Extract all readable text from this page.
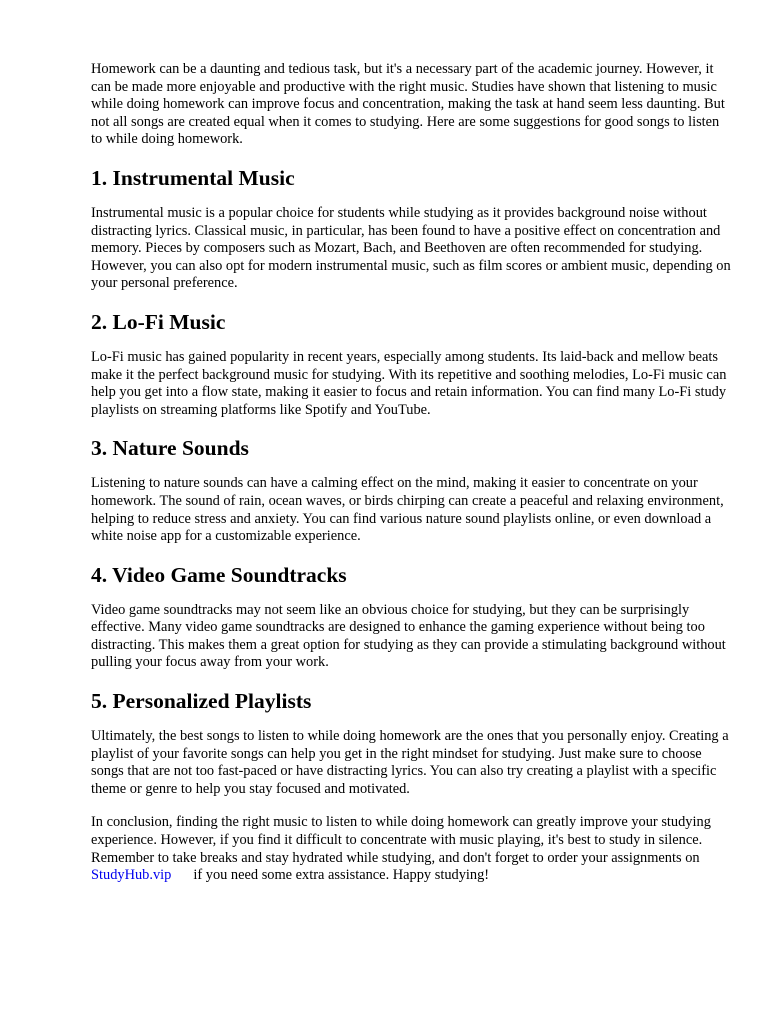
Homework can be a daunting and tedious task, but it's a necessary part of the academic journey. However, it can be made more enjoyable and productive with the right music. Studies have shown that listening to music while doing homework can improve focus and concentration, making the task at hand seem less daunting. But not all songs are created equal when it comes to studying. Here are some suggestions for good songs to listen to while doing homework.

1. Instrumental Music

Instrumental music is a popular choice for students while studying as it provides background noise without distracting lyrics. Classical music, in particular, has been found to have a positive effect on concentration and memory. Pieces by composers such as Mozart, Bach, and Beethoven are often recommended for studying. However, you can also opt for modern instrumental music, such as film scores or ambient music, depending on your personal preference.

2. Lo-Fi Music

Lo-Fi music has gained popularity in recent years, especially among students. Its laid-back and mellow beats make it the perfect background music for studying. With its repetitive and soothing melodies, Lo-Fi music can help you get into a flow state, making it easier to focus and retain information. You can find many Lo-Fi study playlists on streaming platforms like Spotify and YouTube.

3. Nature Sounds

Listening to nature sounds can have a calming effect on the mind, making it easier to concentrate on your homework. The sound of rain, ocean waves, or birds chirping can create a peaceful and relaxing environment, helping to reduce stress and anxiety. You can find various nature sound playlists online, or even download a white noise app for a customizable experience.

4. Video Game Soundtracks

Video game soundtracks may not seem like an obvious choice for studying, but they can be surprisingly effective. Many video game soundtracks are designed to enhance the gaming experience without being too distracting. This makes them a great option for studying as they can provide a stimulating background without pulling your focus away from your work.

5. Personalized Playlists

Ultimately, the best songs to listen to while doing homework are the ones that you personally enjoy. Creating a playlist of your favorite songs can help you get in the right mindset for studying. Just make sure to choose songs that are not too fast-paced or have distracting lyrics. You can also try creating a playlist with a specific theme or genre to help you stay focused and motivated.

In conclusion, finding the right music to listen to while doing homework can greatly improve your studying experience. However, if you find it difficult to concentrate with music playing, it's best to study in silence. Remember to take breaks and stay hydrated while studying, and don't forget to order your assignments onStudyHub.vip if you need some extra assistance. Happy studying!
